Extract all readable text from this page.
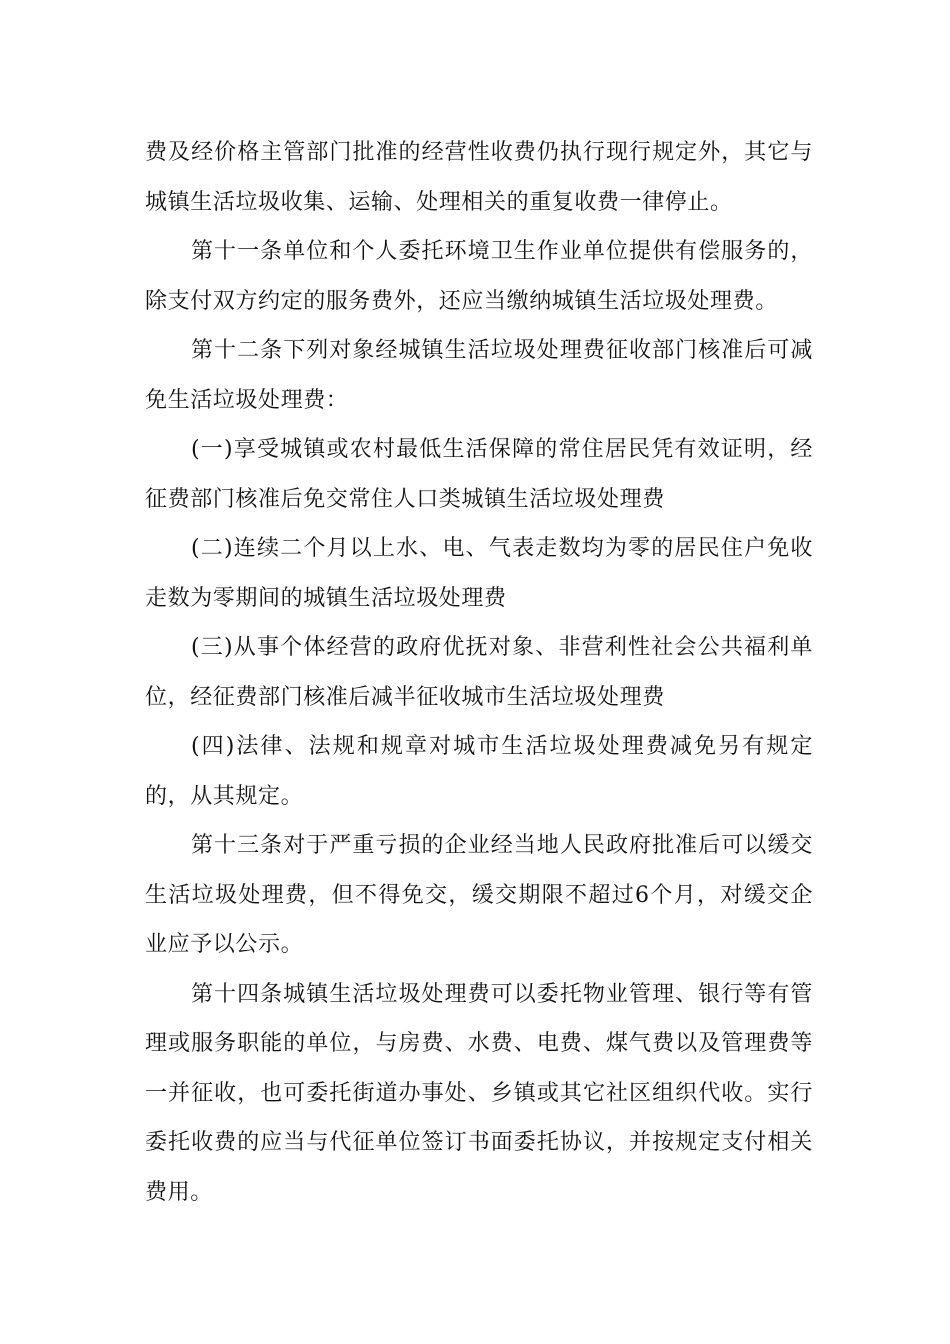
费及经价格主管部门批准的经营性收费仍执行现行规定外，其它与城镇生活垃圾收集、运输、处理相关的重复收费一律停止。

第十一条单位和个人委托环境卫生作业单位提供有偿服务的，除支付双方约定的服务费外，还应当缴纳城镇生活垃圾处理费。

第十二条下列对象经城镇生活垃圾处理费征收部门核准后可减免生活垃圾处理费：

(一)享受城镇或农村最低生活保障的常住居民凭有效证明，经征费部门核准后免交常住人口类城镇生活垃圾处理费

(二)连续二个月以上水、电、气表走数均为零的居民住户免收走数为零期间的城镇生活垃圾处理费

(三)从事个体经营的政府优抚对象、非营利性社会公共福利单位，经征费部门核准后减半征收城市生活垃圾处理费

(四)法律、法规和规章对城市生活垃圾处理费减免另有规定的，从其规定。

第十三条对于严重亏损的企业经当地人民政府批准后可以缓交生活垃圾处理费，但不得免交，缓交期限不超过6个月，对缓交企业应予以公示。

第十四条城镇生活垃圾处理费可以委托物业管理、银行等有管理或服务职能的单位，与房费、水费、电费、煤气费以及管理费等一并征收，也可委托街道办事处、乡镇或其它社区组织代收。实行委托收费的应当与代征单位签订书面委托协议，并按规定支付相关费用。
